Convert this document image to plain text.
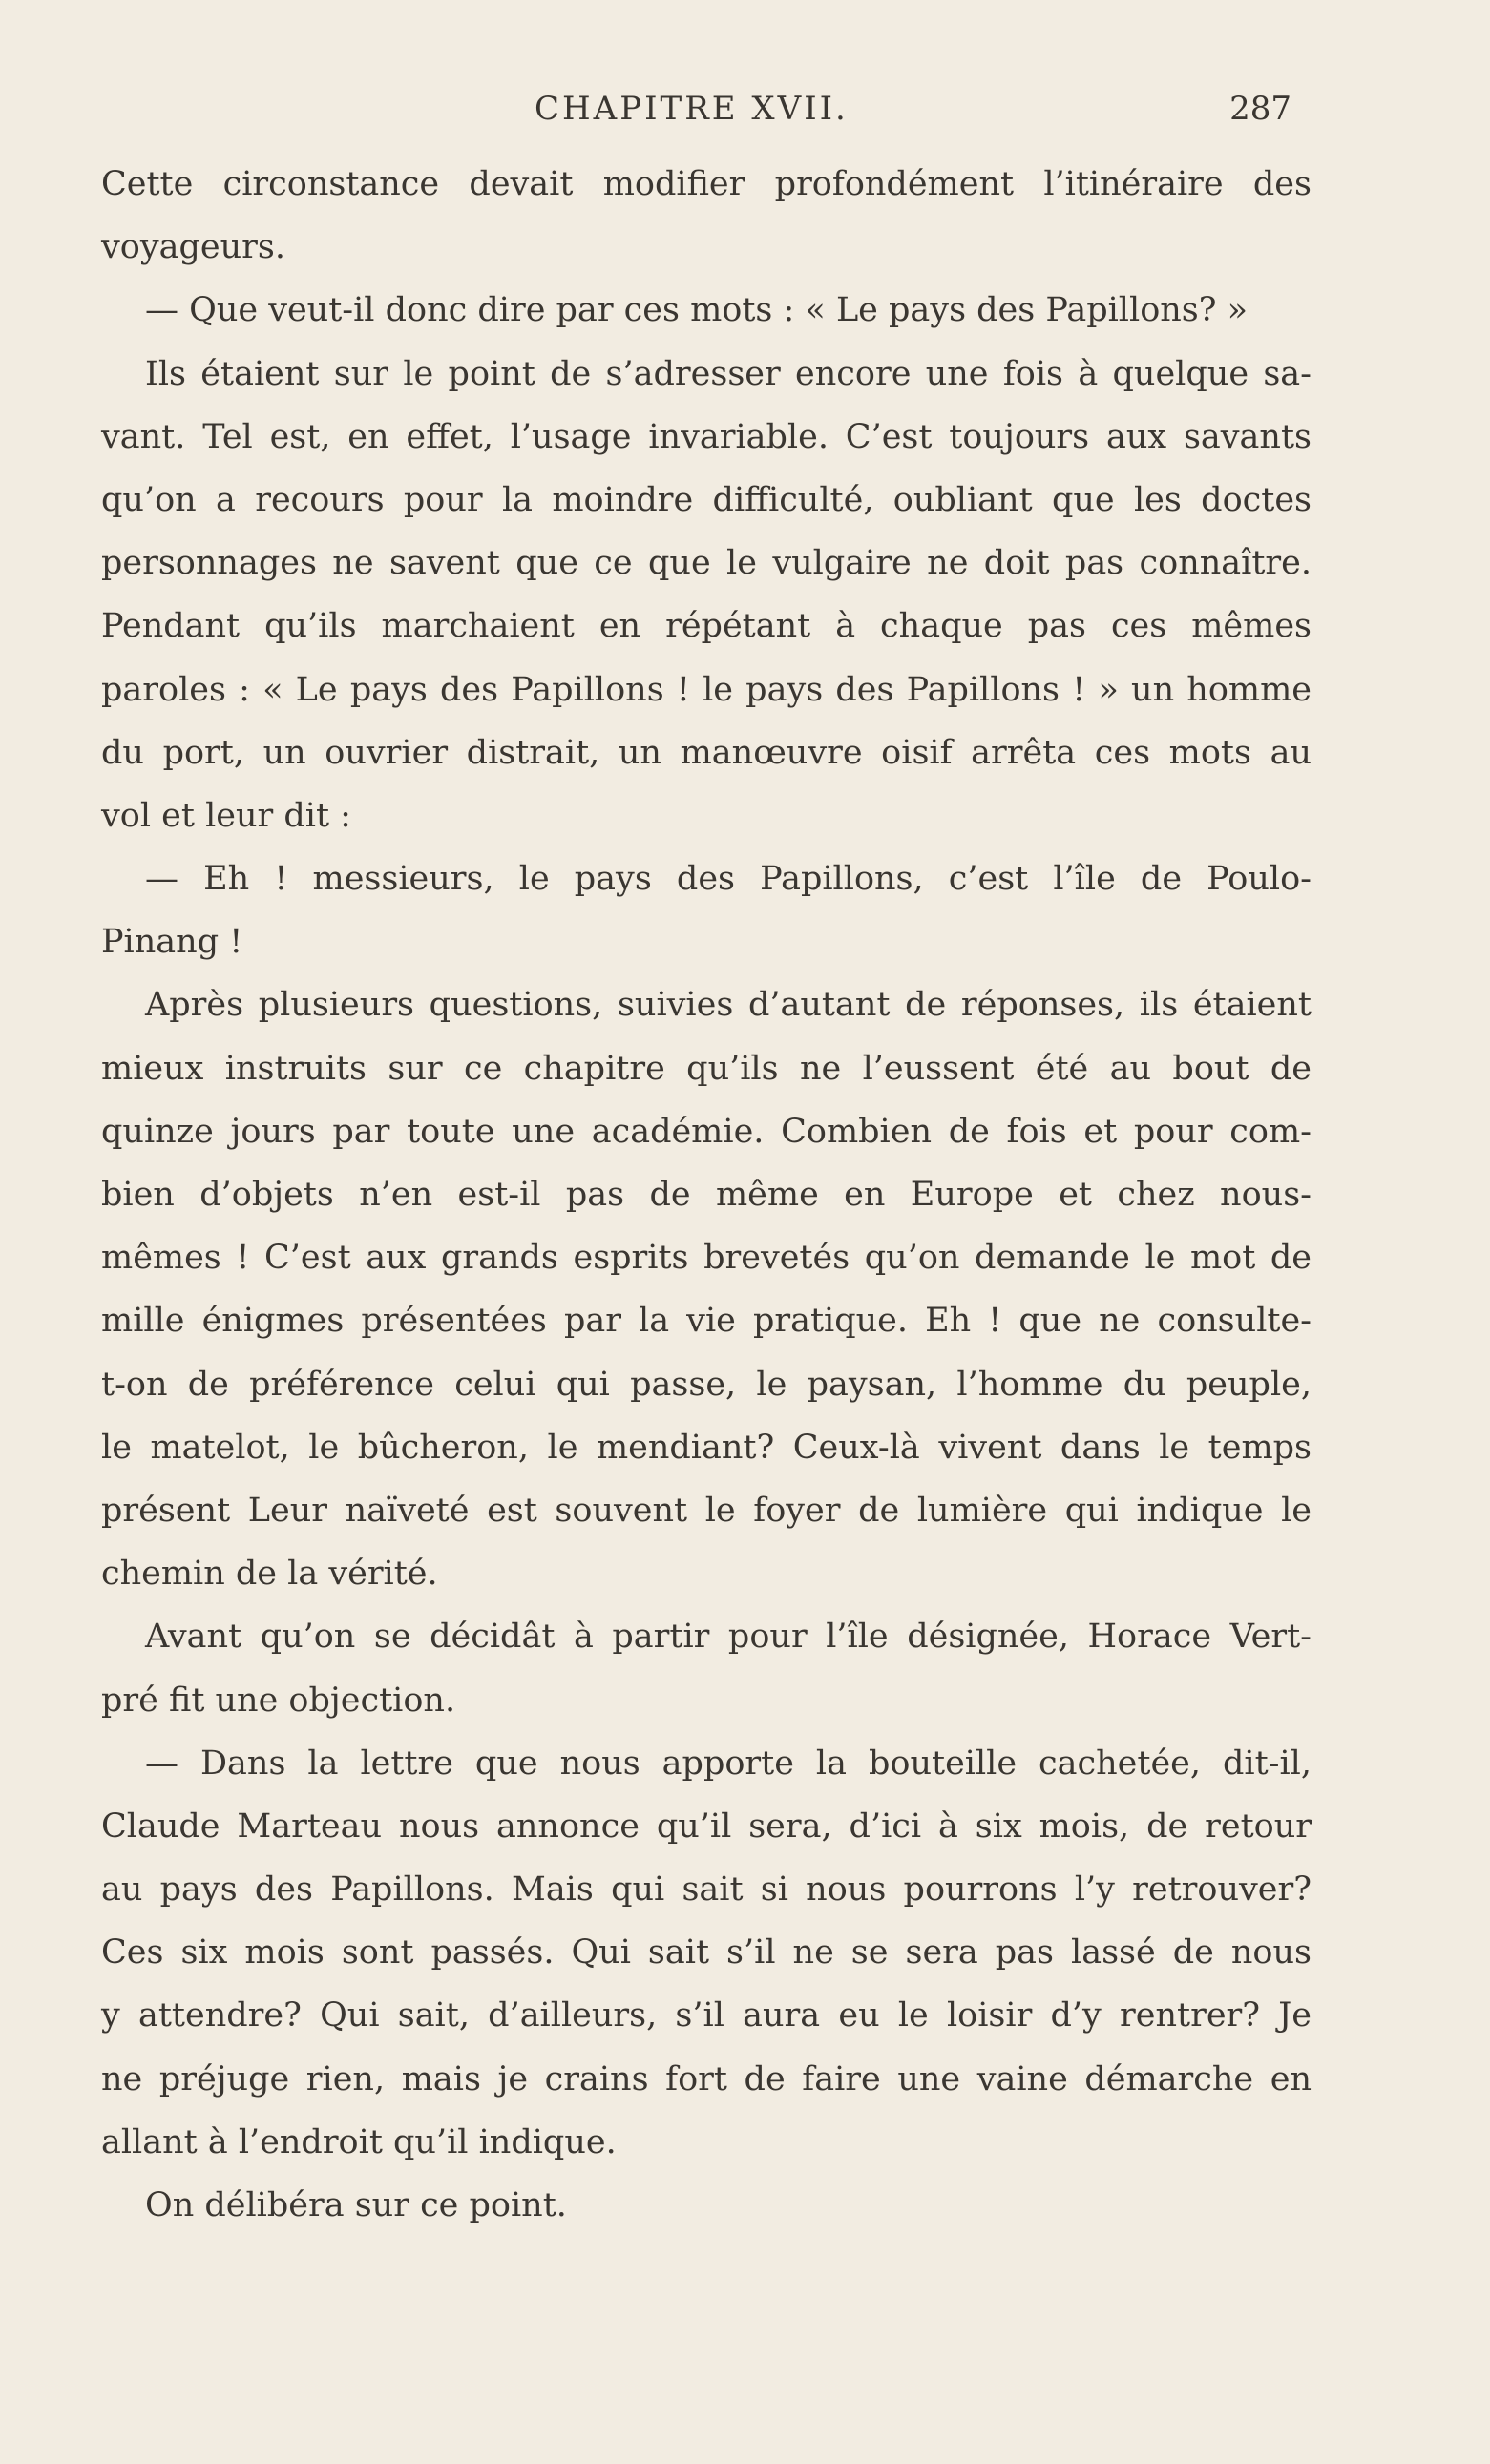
CHAPITRE XVII.	287
Cette circonstance devait modifier profondément l’itinéraire des
voyageurs.
— Que veut-il donc dire par ces mots : « Le pays des Papillons? »
Ils étaient sur le point de s’adresser encore une fois à quelque sa-
vant. Tel est, en effet, l’usage invariable. C’est toujours aux savants
qu’on a recours pour la moindre difficulté, oubliant que les doctes
personnages ne savent que ce que le vulgaire ne doit pas connaître.
Pendant qu’ils marchaient en répétant à chaque pas ces mêmes
paroles : « Le pays des Papillons ! le pays des Papillons ! » un homme
du port, un ouvrier distrait, un manœuvre oisif arrêta ces mots au
vol et leur dit :
— Eh ! messieurs, le pays des Papillons, c’est l’île de Poulo-
Pinang !
Après plusieurs questions, suivies d’autant de réponses, ils étaient
mieux instruits sur ce chapitre qu’ils ne l’eussent été au bout de
quinze jours par toute une académie. Combien de fois et pour com-
bien d’objets n’en est-il pas de même en Europe et chez nous-
mêmes ! C’est aux grands esprits brevetés qu’on demande le mot de
mille énigmes présentées par la vie pratique. Eh ! que ne consulte-
t-on de préférence celui qui passe, le paysan, l’homme du peuple,
le matelot, le bûcheron, le mendiant? Ceux-là vivent dans le temps
présent Leur naïveté est souvent le foyer de lumière qui indique le
chemin de la vérité.
Avant qu’on se décidât à partir pour l’île désignée, Horace Vert-
pré fit une objection.
— Dans la lettre que nous apporte la bouteille cachetée, dit-il,
Claude Marteau nous annonce qu’il sera, d’ici à six mois, de retour
au pays des Papillons. Mais qui sait si nous pourrons l’y retrouver?
Ces six mois sont passés. Qui sait s’il ne se sera pas lassé de nous
y attendre? Qui sait, d’ailleurs, s’il aura eu le loisir d’y rentrer? Je
ne préjuge rien, mais je crains fort de faire une vaine démarche en
allant à l’endroit qu’il indique.
On délibéra sur ce point.
